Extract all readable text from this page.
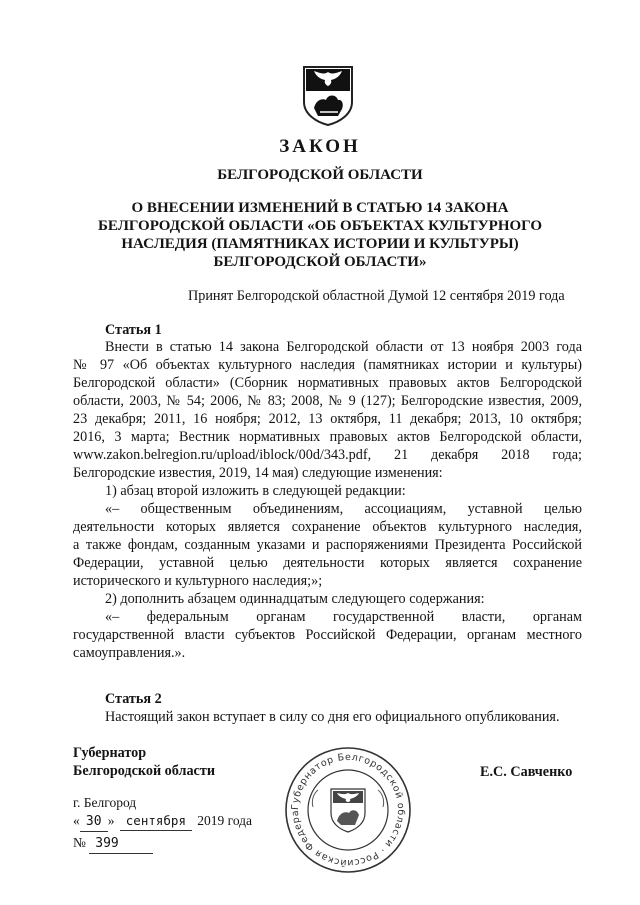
ЗАКОН
БЕЛГОРОДСКОЙ ОБЛАСТИ
О ВНЕСЕНИИ ИЗМЕНЕНИЙ В СТАТЬЮ 14 ЗАКОНА
БЕЛГОРОДСКОЙ ОБЛАСТИ «ОБ ОБЪЕКТАХ КУЛЬТУРНОГО
НАСЛЕДИЯ (ПАМЯТНИКАХ ИСТОРИИ И КУЛЬТУРЫ)
БЕЛГОРОДСКОЙ ОБЛАСТИ»
Принят Белгородской областной Думой 12 сентября 2019 года
Статья 1
Внести в статью 14 закона Белгородской области от 13 ноября 2003 года
№ 97 «Об объектах культурного наследия (памятниках истории и культуры)
Белгородской области» (Сборник нормативных правовых актов Белгородской
области, 2003, № 54; 2006, № 83; 2008, № 9 (127); Белгородские известия, 2009,
23 декабря; 2011, 16 ноября; 2012, 13 октября, 11 декабря; 2013, 10 октября;
2016, 3 марта; Вестник нормативных правовых актов Белгородской области,
www.zakon.belregion.ru/upload/iblock/00d/343.pdf, 21 декабря 2018 года;
Белгородские известия, 2019, 14 мая) следующие изменения:
1) абзац второй изложить в следующей редакции:
«– общественным объединениям, ассоциациям, уставной целью
деятельности которых является сохранение объектов культурного наследия,
а также фондам, созданным указами и распоряжениями Президента Российской
Федерации, уставной целью деятельности которых является сохранение
исторического и культурного наследия;»;
2) дополнить абзацем одиннадцатым следующего содержания:
«– федеральным органам государственной власти, органам
государственной власти субъектов Российской Федерации, органам местного
самоуправления.».
Статья 2
Настоящий закон вступает в силу со дня его официального опубликования.
Губернатор
Белгородской области	Е.С. Савченко
Губернатор Белгородской области · Российская Федера
г. Белгород
« 30 » сентября 2019 года
№ 399
